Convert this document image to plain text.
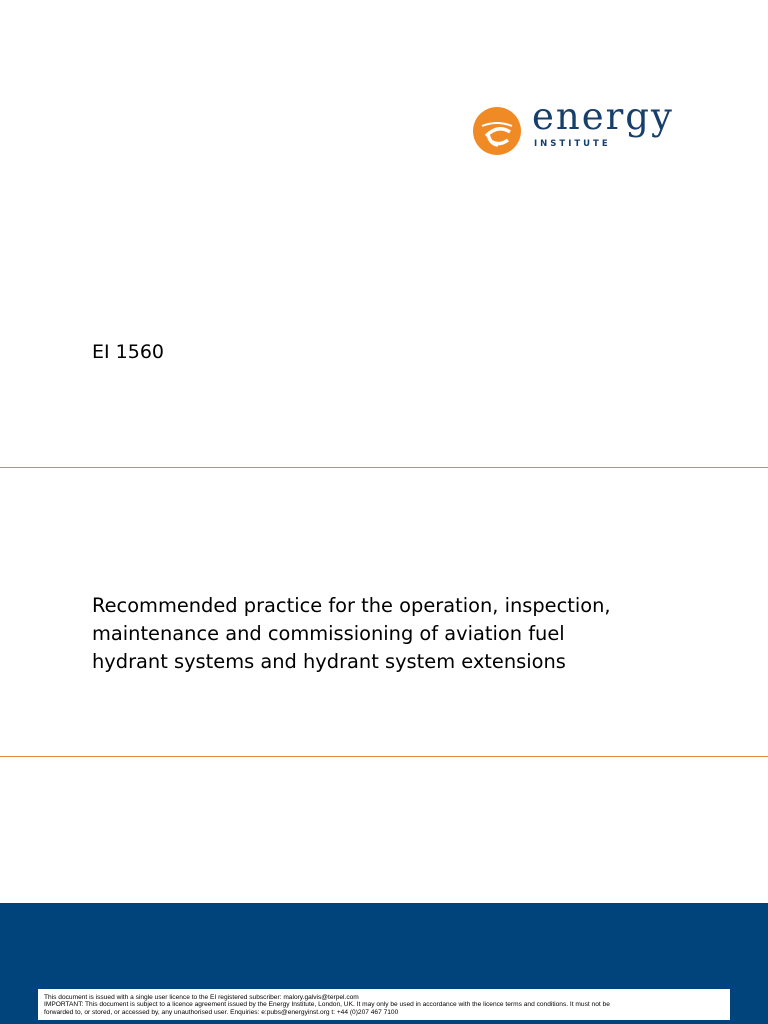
energy
INSTITUTE
EI 1560
Recommended practice for the operation, inspection,
maintenance and commissioning of aviation fuel
hydrant systems and hydrant system extensions
This document is issued with a single user licence to the EI registered subscriber: malory.galvis@terpel.com
IMPORTANT: This document is subject to a licence agreement issued by the Energy Institute, London, UK. It may only be used in accordance with the licence terms and conditions. It must not be
forwarded to, or stored, or accessed by, any unauthorised user. Enquiries: e:pubs@energyinst.org t: +44 (0)207 467 7100
